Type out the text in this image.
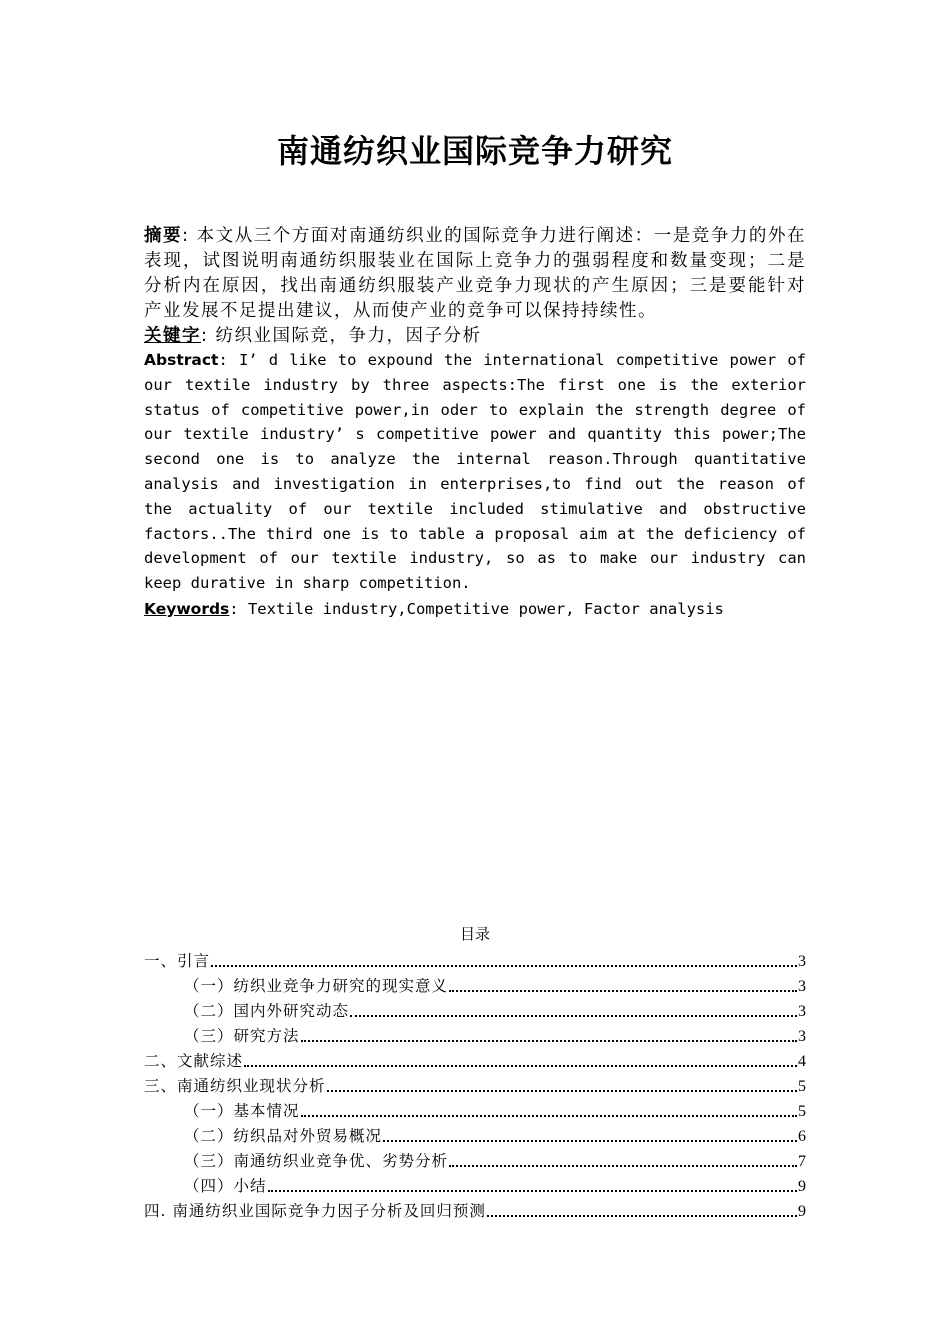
南通纺织业国际竞争力研究
摘要: 本文从三个方面对南通纺织业的国际竞争力进行阐述：一是竞争力的外在表现，试图说明南通纺织服装业在国际上竞争力的强弱程度和数量变现；二是分析内在原因，找出南通纺织服装产业竞争力现状的产生原因；三是要能针对产业发展不足提出建议，从而使产业的竞争可以保持持续性。
关键字: 纺织业国际竞，争力，因子分析
Abstract: I’ d like to expound the international competitive power of our textile industry by three aspects:The first one is the exterior status of competitive power,in oder to explain the strength degree of our textile industry’ s competitive power and quantity this power;The second one is to analyze the internal reason.Through quantitative analysis and investigation in enterprises,to find out the reason of the actuality of our textile included stimulative and obstructive factors..The third one is to table a proposal aim at the deficiency of development of our textile industry, so as to make our industry can keep durative in sharp competition.
Keywords: Textile industry,Competitive power, Factor analysis
目录
一、引言	3
（一）纺织业竞争力研究的现实意义	3
（二）国内外研究动态	3
（三）研究方法	3
二、文献综述	4
三、南通纺织业现状分析	5
（一）基本情况	5
（二）纺织品对外贸易概况	6
（三）南通纺织业竞争优、劣势分析	7
（四）小结	9
四. 南通纺织业国际竞争力因子分析及回归预测	9
